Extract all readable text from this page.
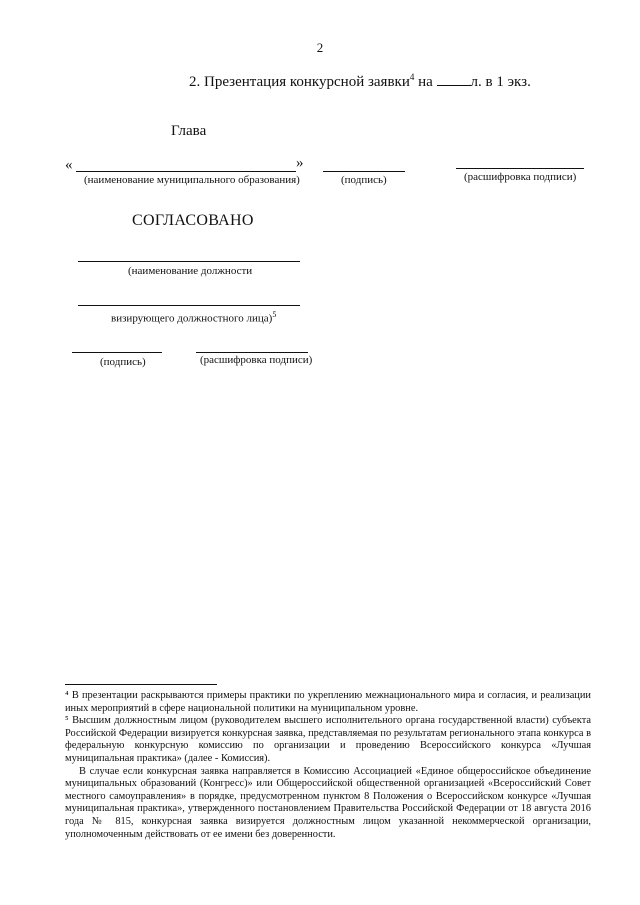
2
2. Презентация конкурсной заявки$^4$ на л. в 1 экз.
Глава
«	»
(наименование муниципального образования)	(подпись)	(расшифровка подписи)
СОГЛАСОВАНО
(наименование должности
визирующего должностного лица)$^5$
(подпись)	(расшифровка подписи)

⁴ В презентации раскрываются примеры практики по укреплению межнационального мира и согласия, и реализации иных мероприятий в сфере национальной политики на муниципальном уровне.

⁵ Высшим должностным лицом (руководителем высшего исполнительного органа государственной власти) субъекта Российской Федерации визируется конкурсная заявка, представляемая по результатам регионального этапа конкурса в федеральную конкурсную комиссию по организации и проведению Всероссийского конкурса «Лучшая муниципальная практика» (далее - Комиссия).

В случае если конкурсная заявка направляется в Комиссию Ассоциацией «Единое общероссийское объединение муниципальных образований (Конгресс)» или Общероссийской общественной организацией «Всероссийский Совет местного самоуправления» в порядке, предусмотренном пунктом 8 Положения о Всероссийском конкурсе «Лучшая муниципальная практика», утвержденного постановлением Правительства Российской Федерации от 18 августа 2016 года № 815, конкурсная заявка визируется должностным лицом указанной некоммерческой организации, уполномоченным действовать от ее имени без доверенности.
